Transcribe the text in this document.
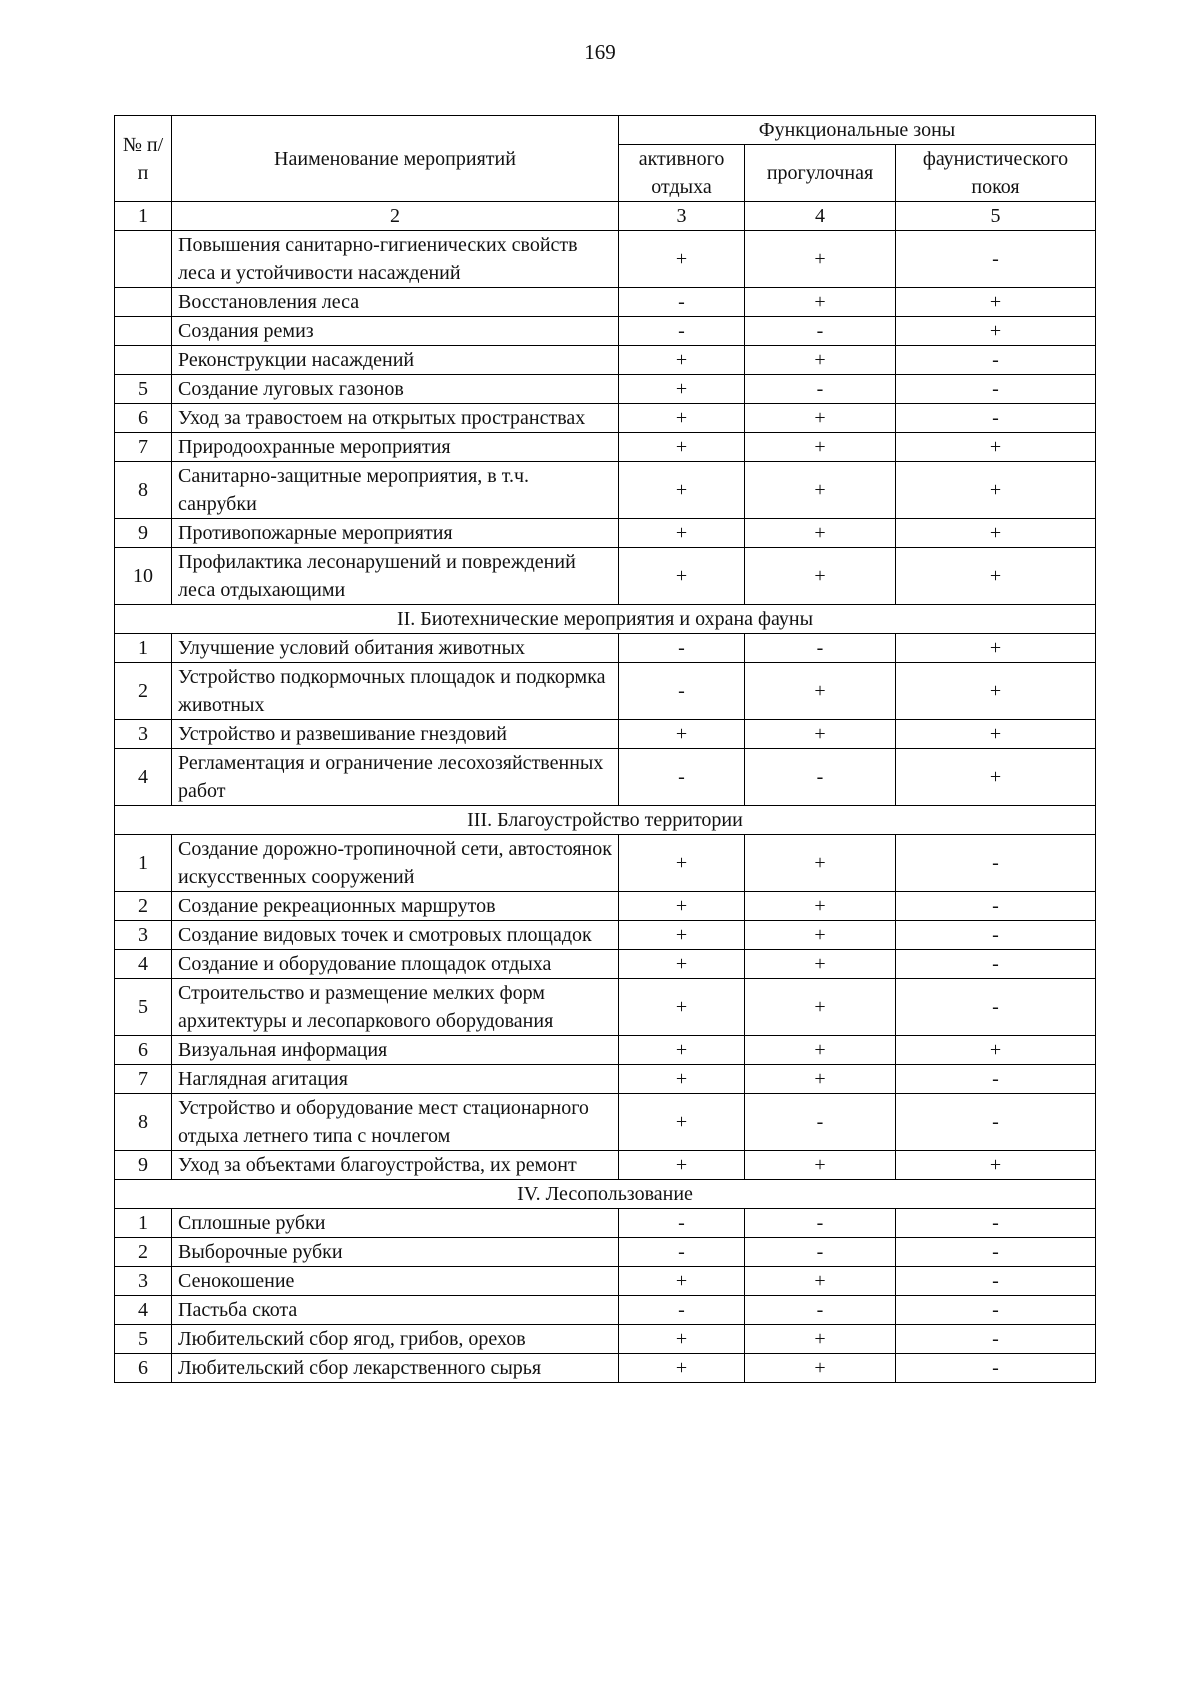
169
№ п/п	Наименование мероприятий	Функциональные зоны		
		активного отдыха	прогулочная	фаунистического покоя
1	2	3	4	5
	Повышения санитарно-гигиенических свойств леса и устойчивости насаждений	+	+	-
	Восстановления леса	-	+	+
	Создания ремиз	-	-	+
	Реконструкции насаждений	+	+	-
5	Создание луговых газонов	+	-	-
6	Уход за травостоем на открытых пространствах	+	+	-
7	Природоохранные мероприятия	+	+	+
8	Санитарно-защитные мероприятия, в т.ч. санрубки	+	+	+
9	Противопожарные мероприятия	+	+	+
10	Профилактика лесонарушений и повреждений леса отдыхающими	+	+	+
II. Биотехнические мероприятия и охрана фауны				
1	Улучшение условий обитания животных	-	-	+
2	Устройство подкормочных площадок и подкормка животных	-	+	+
3	Устройство и развешивание гнездовий	+	+	+
4	Регламентация и ограничение лесохозяйственных работ	-	-	+
III. Благоустройство территории				
1	Создание дорожно-тропиночной сети, автостоянок искусственных сооружений	+	+	-
2	Создание рекреационных маршрутов	+	+	-
3	Создание видовых точек и смотровых площадок	+	+	-
4	Создание и оборудование площадок отдыха	+	+	-
5	Строительство и размещение мелких форм архитектуры и лесопаркового оборудования	+	+	-
6	Визуальная информация	+	+	+
7	Наглядная агитация	+	+	-
8	Устройство и оборудование мест стационарного отдыха летнего типа с ночлегом	+	-	-
9	Уход за объектами благоустройства, их ремонт	+	+	+
IV. Лесопользование				
1	Сплошные рубки	-	-	-
2	Выборочные рубки	-	-	-
3	Сенокошение	+	+	-
4	Пастьба скота	-	-	-
5	Любительский сбор ягод, грибов, орехов	+	+	-
6	Любительский сбор лекарственного сырья	+	+	-
